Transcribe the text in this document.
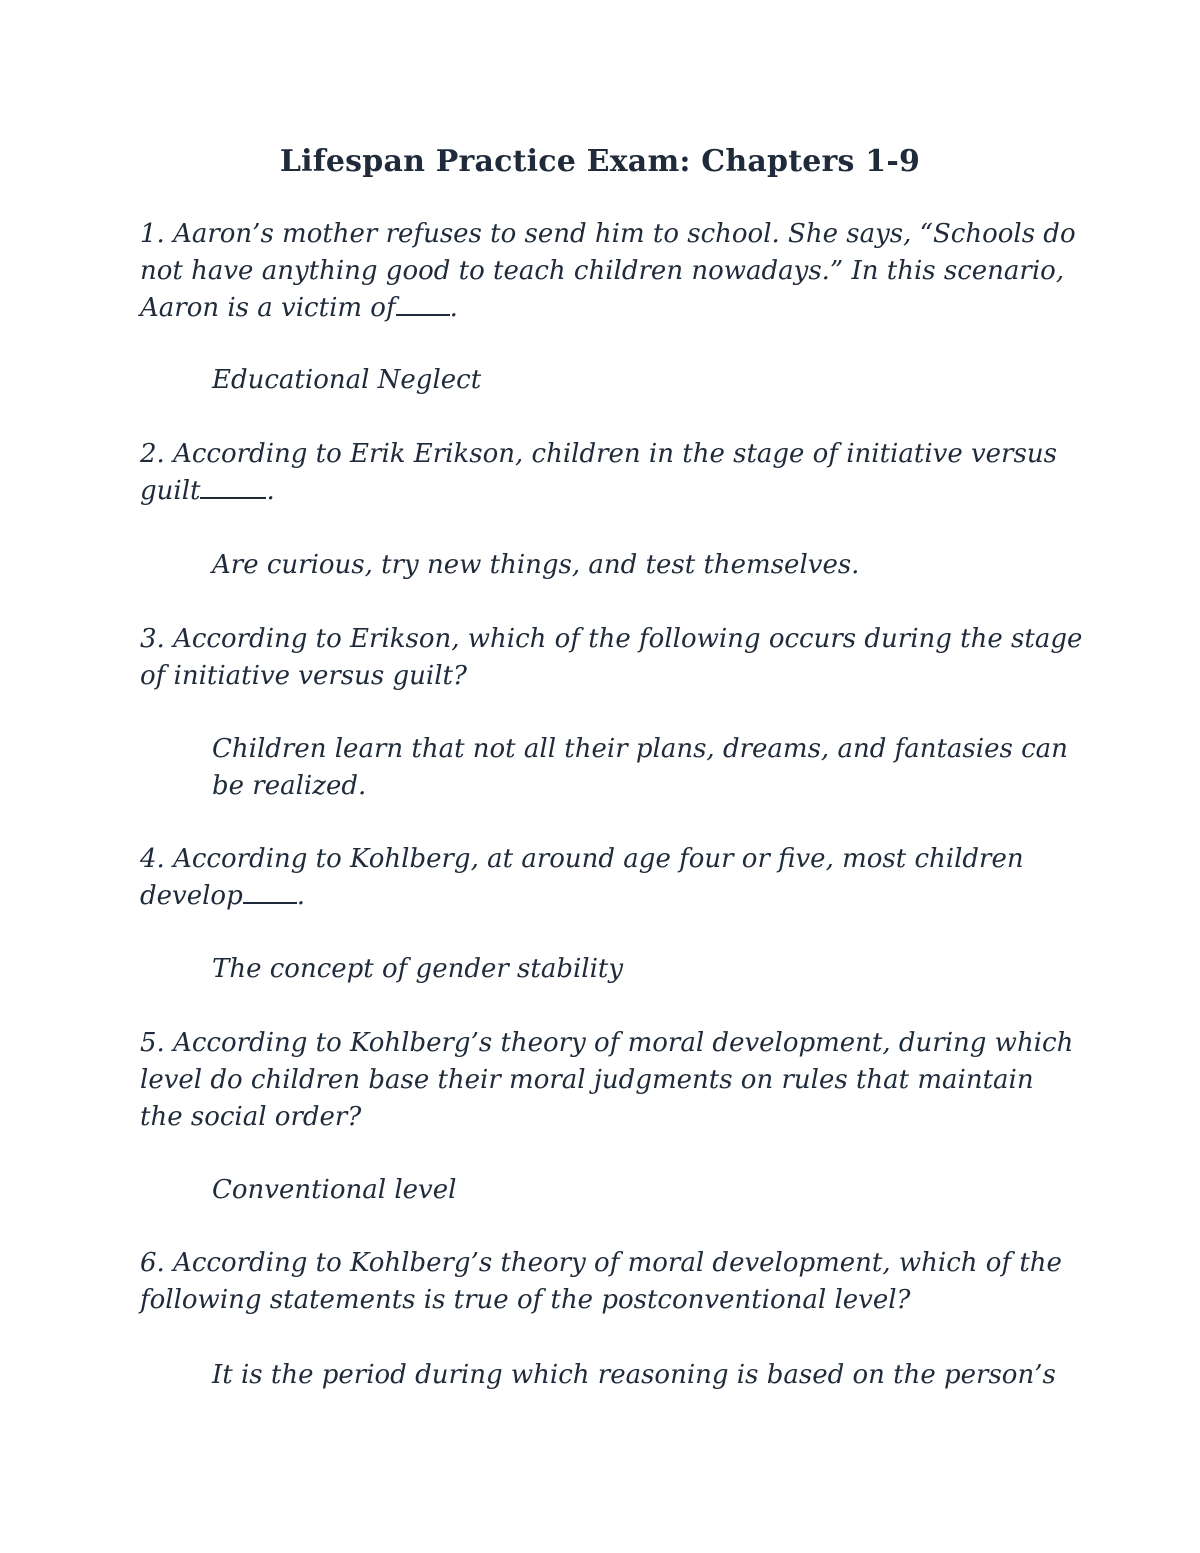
Lifespan Practice Exam: Chapters 1-9
1. Aaron’s mother refuses to send him to school. She says, “Schools do
not have anything good to teach children nowadays.” In this scenario,
Aaron is a victim of .
Educational Neglect
2. According to Erik Erikson, children in the stage of initiative versus
guilt	.
Are curious, try new things, and test themselves.
3. According to Erikson, which of the following occurs during the stage
of initiative versus guilt?
Children learn that not all their plans, dreams, and fantasies can
be realized.
4. According to Kohlberg, at around age four or five, most children
develop .
The concept of gender stability
5. According to Kohlberg’s theory of moral development, during which
level do children base their moral judgments on rules that maintain
the social order?
Conventional level
6. According to Kohlberg’s theory of moral development, which of the
following statements is true of the postconventional level?
It is the period during which reasoning is based on the person’s
